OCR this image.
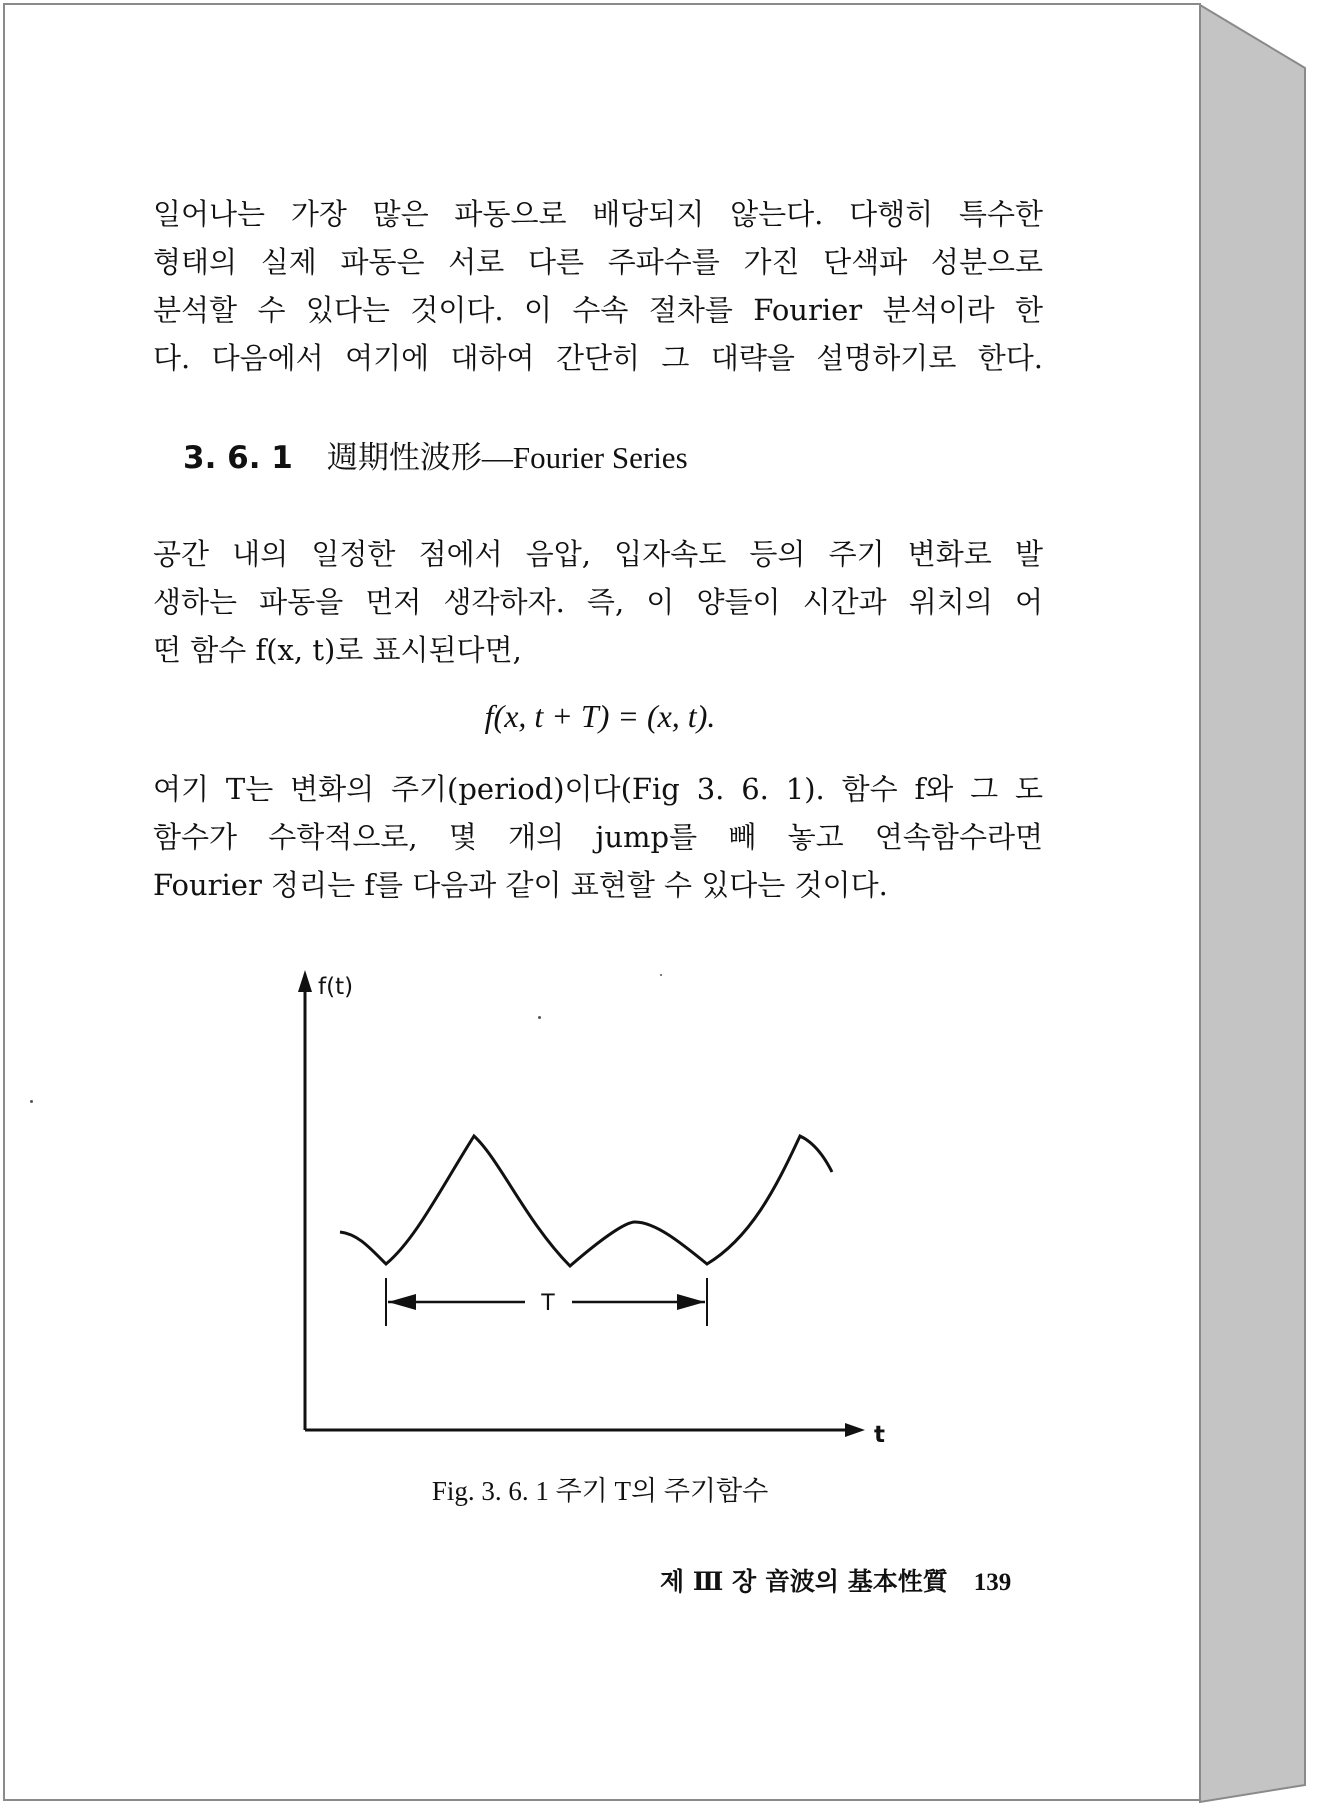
일어나는 가장 많은 파동으로 배당되지 않는다. 다행히 특수한
형태의 실제 파동은 서로 다른 주파수를 가진 단색파 성분으로
분석할 수 있다는 것이다. 이 수속 절차를 Fourier 분석이라 한
다. 다음에서 여기에 대하여 간단히 그 대략을 설명하기로 한다.
3. 6. 1 週期性波形—Fourier Series
공간 내의 일정한 점에서 음압, 입자속도 등의 주기 변화로 발
생하는 파동을 먼저 생각하자. 즉, 이 양들이 시간과 위치의 어
떤 함수 f(x, t)로 표시된다면,

f(x, t + T) = (x, t).

여기 T는 변화의 주기(period)이다(Fig 3. 6. 1). 함수 f와 그 도
함수가 수학적으로, 몇 개의 jump를 빼 놓고 연속함수라면
Fourier 정리는 f를 다음과 같이 표현할 수 있다는 것이다.
f(t)
t
T

Fig. 3. 6. 1 주기 T의 주기함수

제 Ⅲ 장 音波의 基本性質 139
